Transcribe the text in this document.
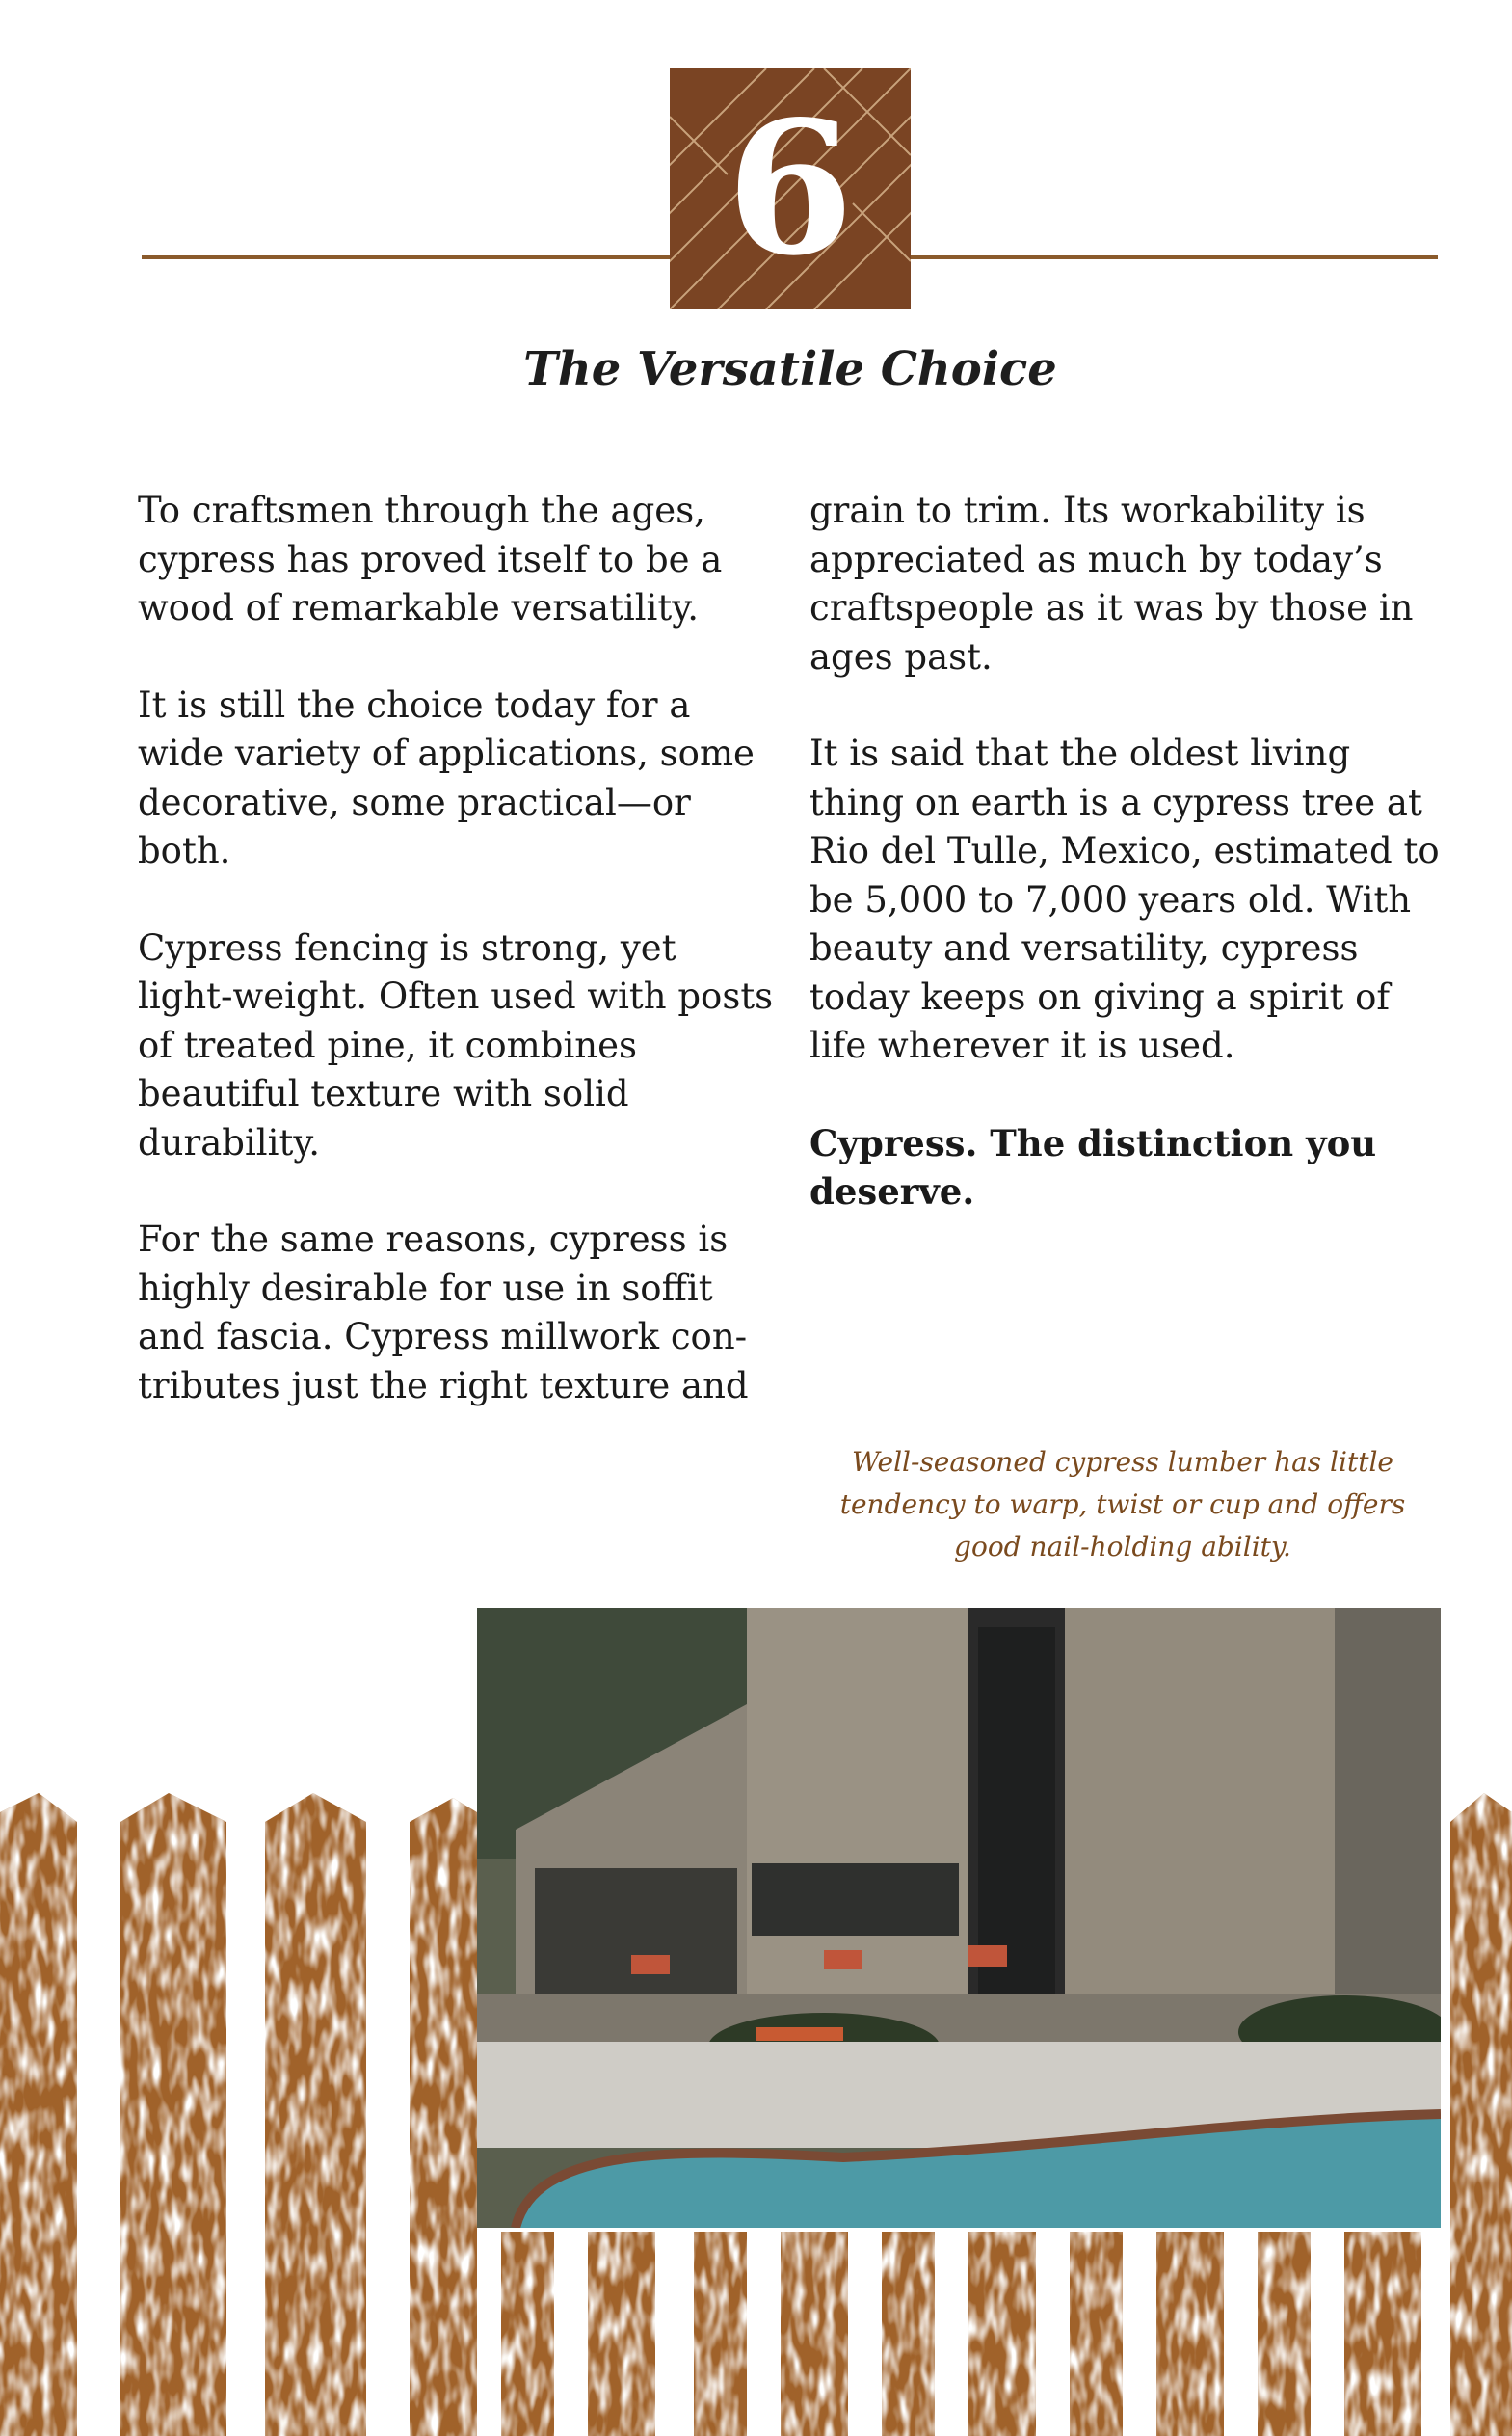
6
The Versatile Choice

To craftsmen through the ages, cypress has proved itself to be a wood of remarkable versatility.

It is still the choice today for a wide variety of applications, some decorative, some practical—or both.

Cypress fencing is strong, yet light-weight. Often used with posts of treated pine, it combines beautiful texture with solid durability.

For the same reasons, cypress is highly desirable for use in soffit and fascia. Cypress millwork con-tributes just the right texture and

grain to trim. Its workability is appreciated as much by today’s craftspeople as it was by those in ages past.

It is said that the oldest living thing on earth is a cypress tree at Rio del Tulle, Mexico, estimated to be 5,000 to 7,000 years old. With beauty and versatility, cypress today keeps on giving a spirit of life wherever it is used.

Cypress. The distinction you deserve.

Well-seasoned cypress lumber has little tendency to warp, twist or cup and offers good nail-holding ability.
